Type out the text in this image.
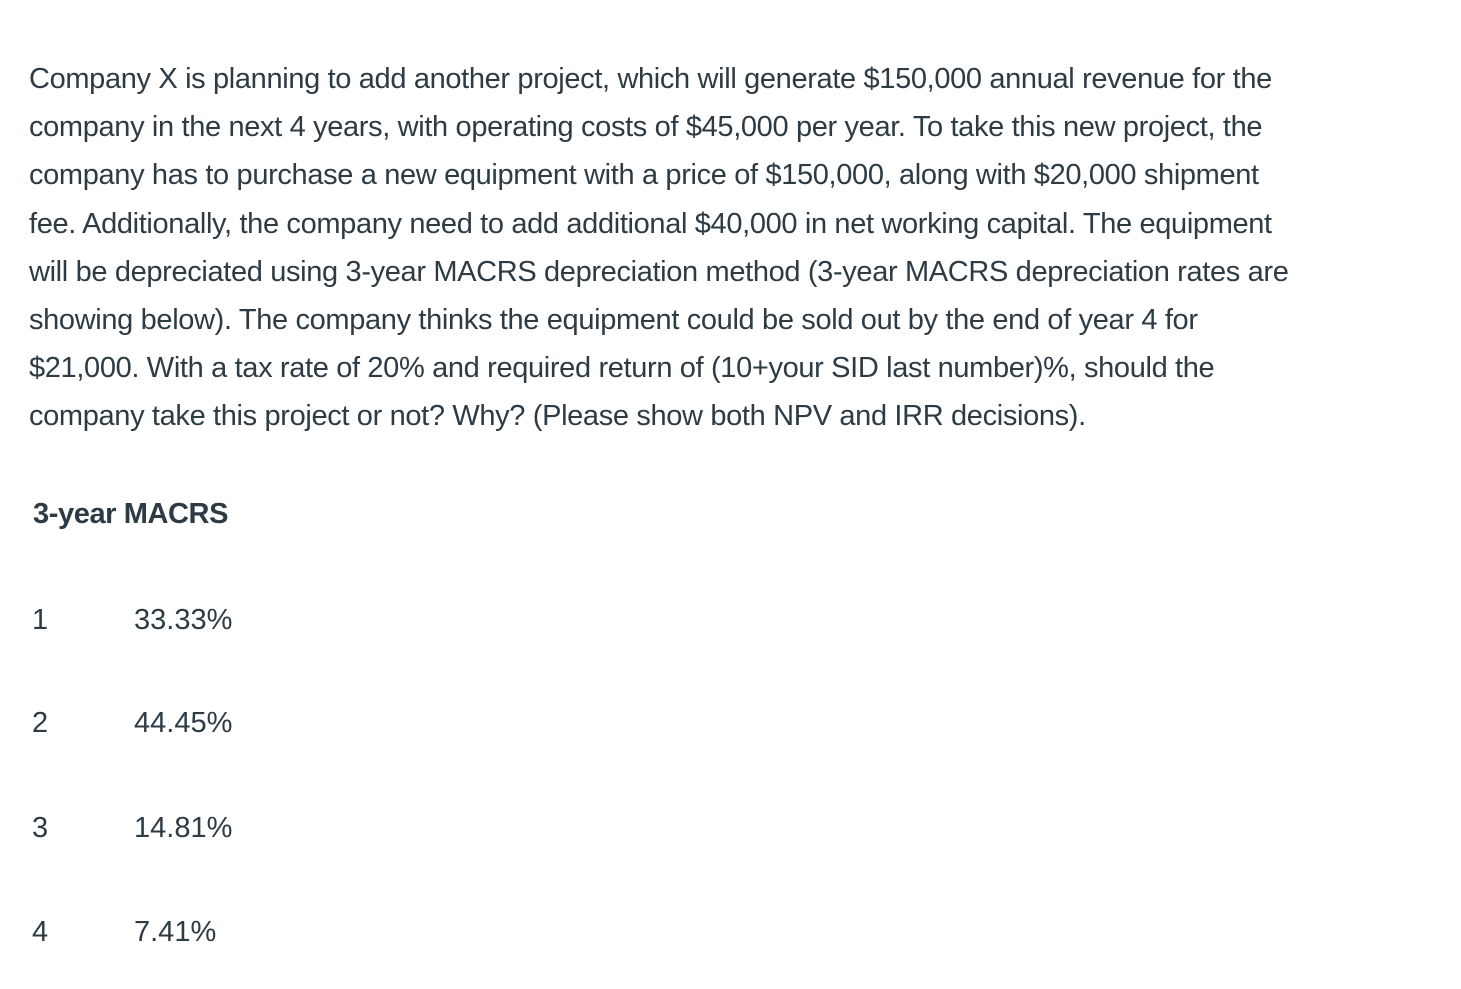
Company X is planning to add another project, which will generate $150,000 annual revenue for the
company in the next 4 years, with operating costs of $45,000 per year. To take this new project, the
company has to purchase a new equipment with a price of $150,000, along with $20,000 shipment
fee. Additionally, the company need to add additional $40,000 in net working capital. The equipment
will be depreciated using 3-year MACRS depreciation method (3-year MACRS depreciation rates are
showing below). The company thinks the equipment could be sold out by the end of year 4 for
$21,000. With a tax rate of 20% and required return of (10+your SID last number)%, should the
company take this project or not? Why? (Please show both NPV and IRR decisions).
3-year MACRS
1	33.33%
2	44.45%
3	14.81%
4	7.41%
